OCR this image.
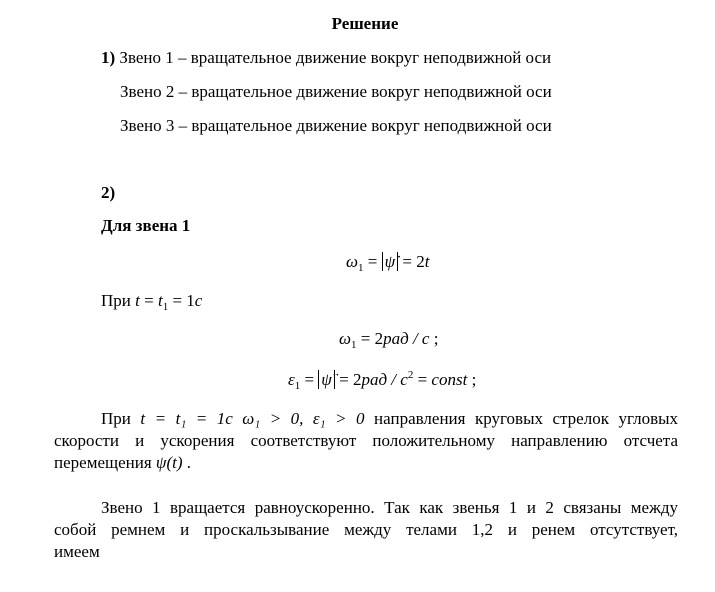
Решение
1) Звено 1 – вращательное движение вокруг неподвижной оси
Звено 2 – вращательное движение вокруг неподвижной оси
Звено 3 – вращательное движение вокруг неподвижной оси
2)
Для звена 1
$\omega_1$ = ψ̇ = 2t
При $t = t_1 = 1c$
$\omega_1 = 2рад / c$ ;
$\varepsilon_1$ = ψ̈ = $2рад / c^2$ = const ;
При t = t₁ = 1c ω₁ > 0, ε₁ > 0 направления круговых стрелок угловых
скорости и ускорения соответствуют положительному направлению отсчета
перемещения ψ(t) .
Звено 1 вращается равноускоренно. Так как звенья 1 и 2 связаны между
собой ремнем и проскальзывание между телами 1,2 и ренем отсутствует,
имеем
